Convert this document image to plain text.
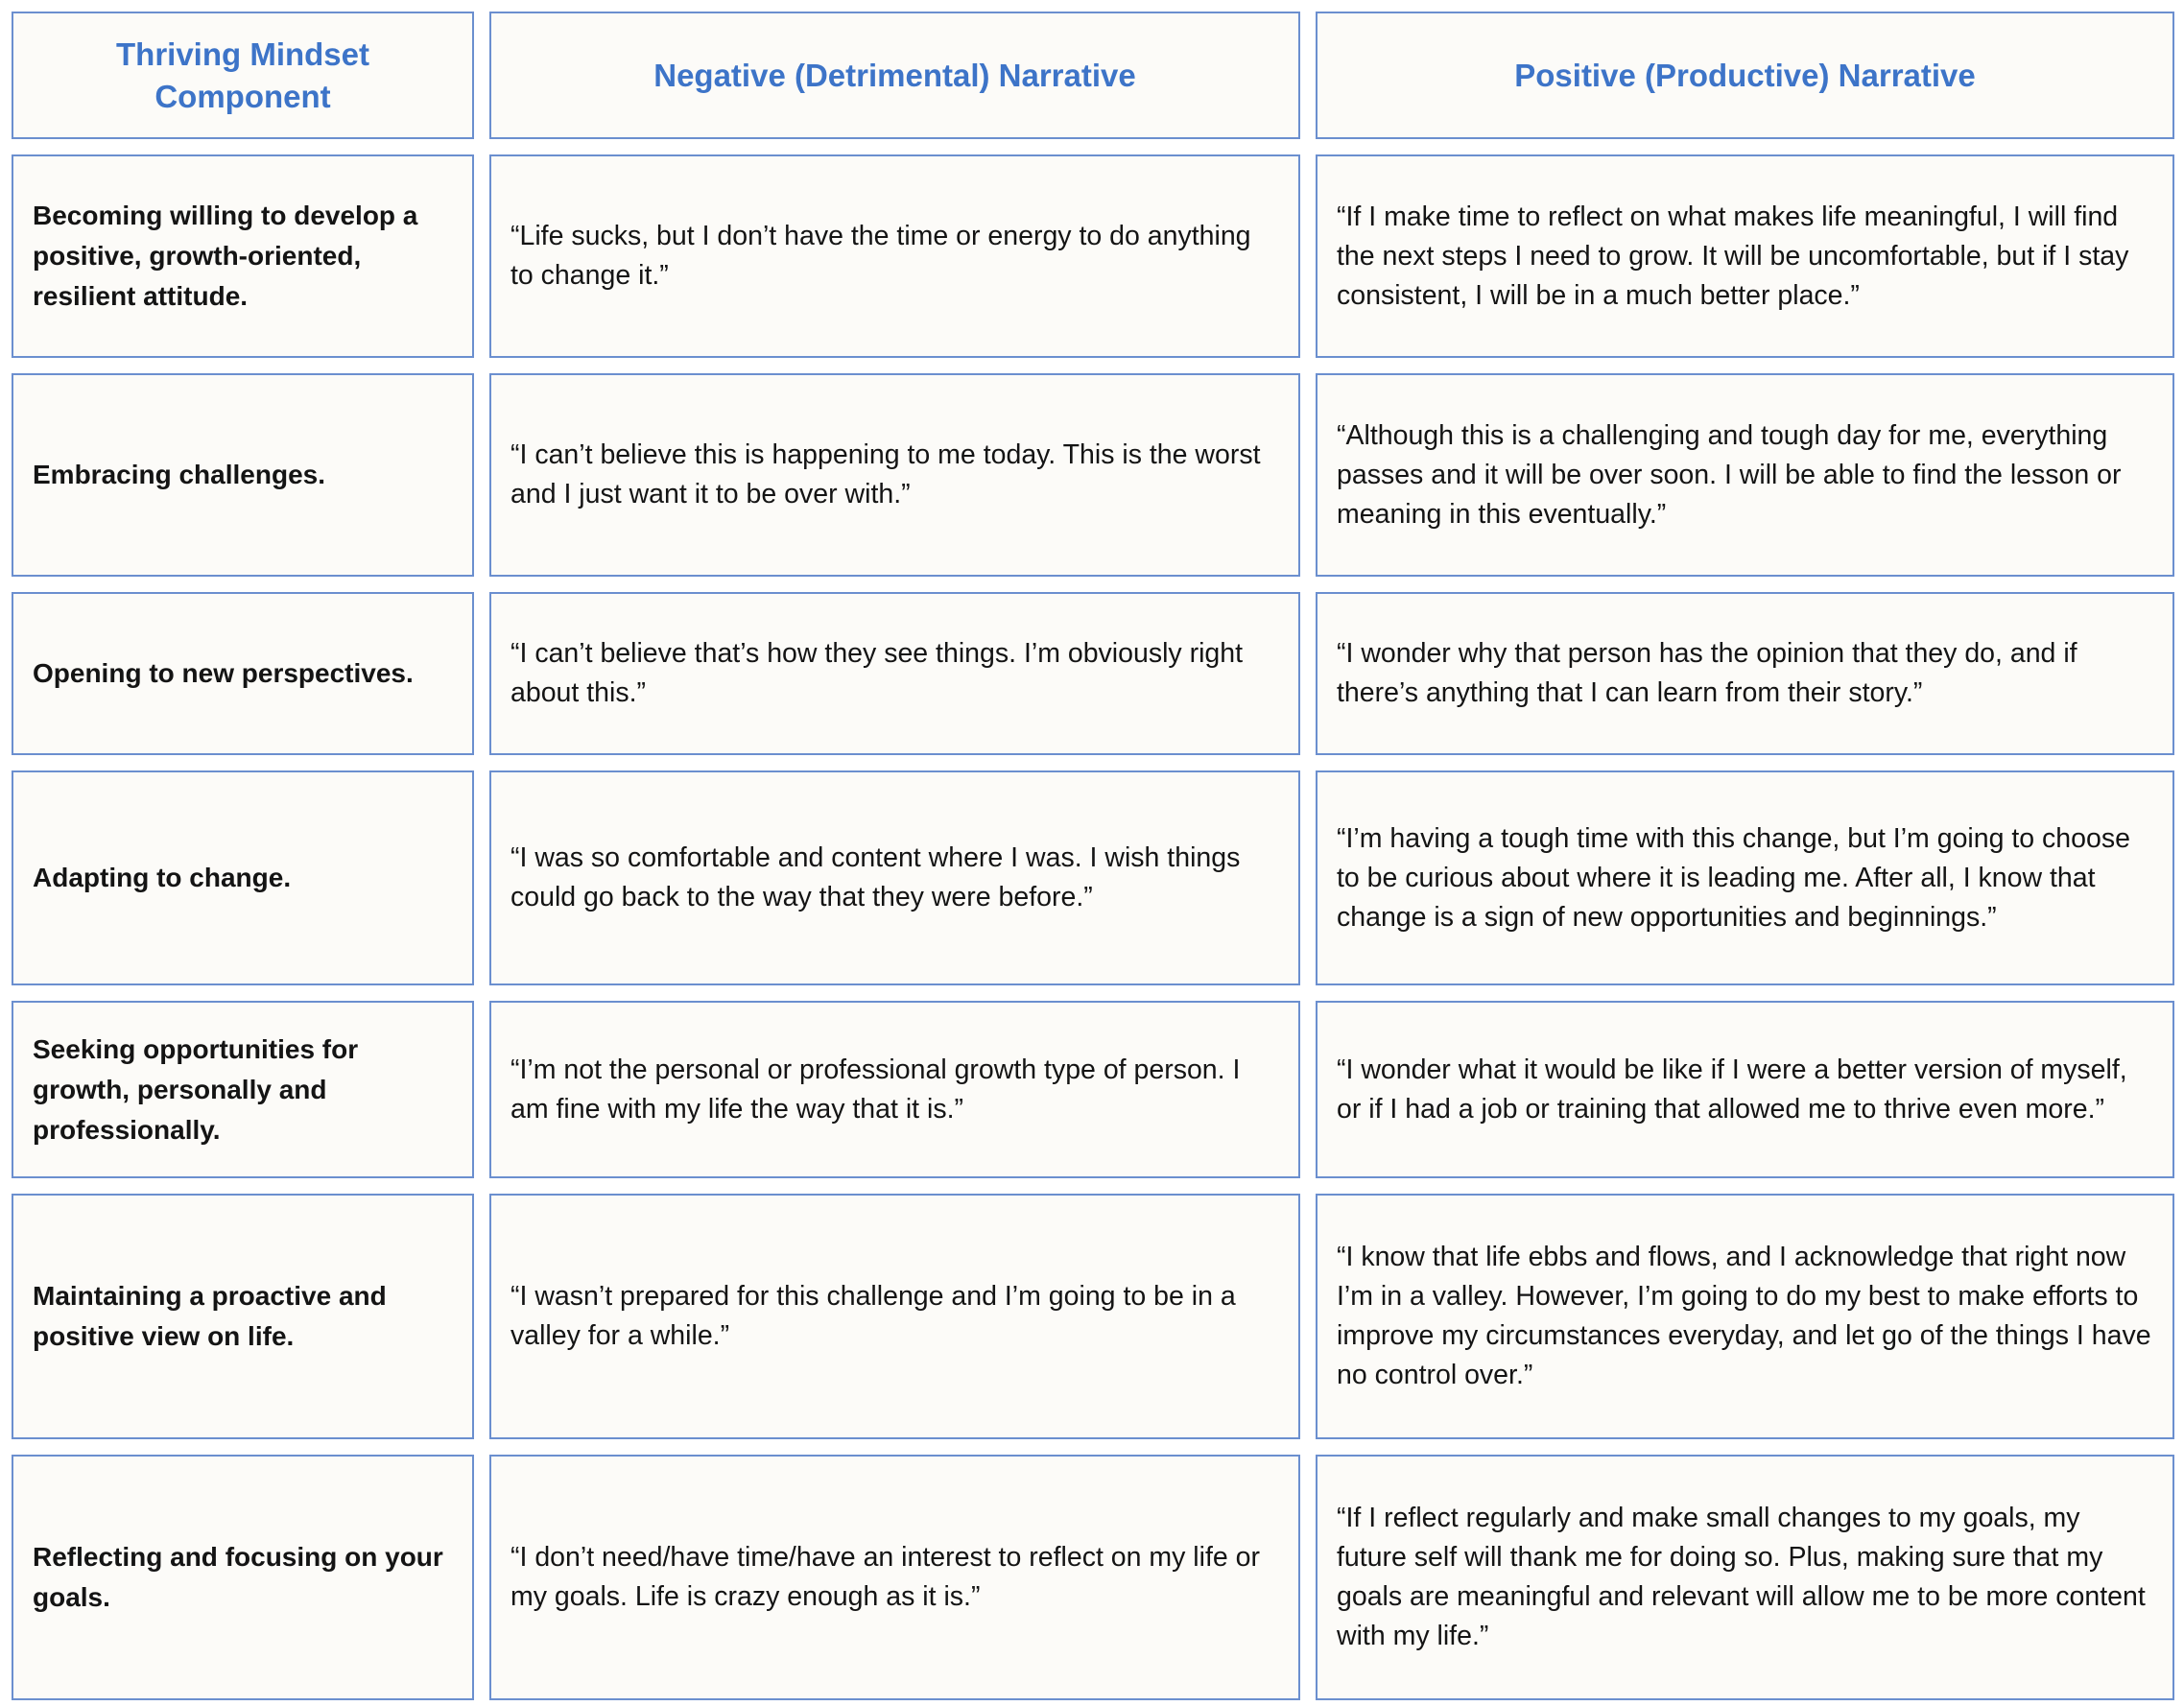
Thriving Mindset Component
Negative (Detrimental) Narrative	Positive (Productive) Narrative
Becoming willing to develop a positive, growth-oriented, resilient attitude.
“Life sucks, but I don’t have the time or energy to do anything to change it.”
“If I make time to reflect on what makes life meaningful, I will find the next steps I need to grow. It will be uncomfortable, but if I stay consistent, I will be in a much better place.”
Embracing challenges.
“I can’t believe this is happening to me today. This is the worst and I just want it to be over with.”
“Although this is a challenging and tough day for me, everything passes and it will be over soon. I will be able to find the lesson or meaning in this eventually.”
Opening to new perspectives.
“I can’t believe that’s how they see things. I’m obviously right about this.”
“I wonder why that person has the opinion that they do, and if there’s anything that I can learn from their story.”
Adapting to change.
“I was so comfortable and content where I was. I wish things could go back to the way that they were before.”
“I’m having a tough time with this change, but I’m going to choose to be curious about where it is leading me. After all, I know that change is a sign of new opportunities and beginnings.”
Seeking opportunities for growth, personally and professionally.
“I’m not the personal or professional growth type of person. I am fine with my life the way that it is.”
“I wonder what it would be like if I were a better version of myself, or if I had a job or training that allowed me to thrive even more.”
Maintaining a proactive and positive view on life.
“I wasn’t prepared for this challenge and I’m going to be in a valley for a while.”
“I know that life ebbs and flows, and I acknowledge that right now I’m in a valley. However, I’m going to do my best to make efforts to improve my circumstances everyday, and let go of the things I have no control over.”
Reflecting and focusing on your goals.
“I don’t need/have time/have an interest to reflect on my life or my goals. Life is crazy enough as it is.”
“If I reflect regularly and make small changes to my goals, my future self will thank me for doing so. Plus, making sure that my goals are meaningful and relevant will allow me to be more content with my life.”
